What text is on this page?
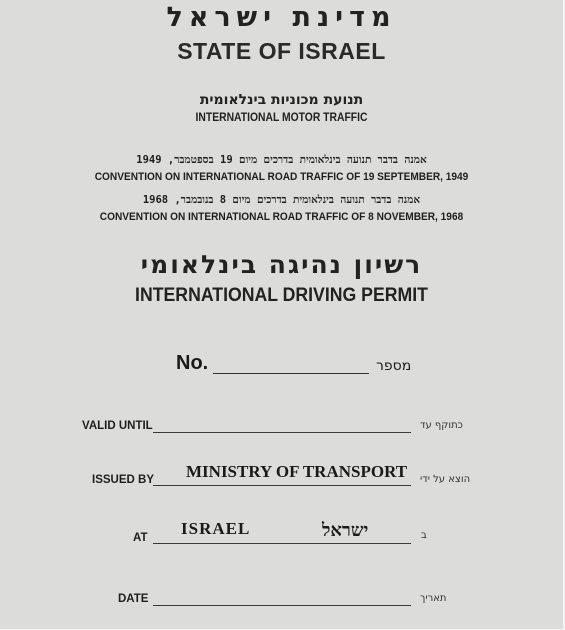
מדינת ישראל
STATE OF ISRAEL
תנועת מכוניות בינלאומית
INTERNATIONAL MOTOR TRAFFIC
אמנה בדבר תנועה בינלאומית בדרכים מיום 19 בספטמבר, 1949
CONVENTION ON INTERNATIONAL ROAD TRAFFIC OF 19 SEPTEMBER, 1949
אמנה בדבר תנועה בינלאומית בדרכים מיום 8 בנובמבר, 1968
CONVENTION ON INTERNATIONAL ROAD TRAFFIC OF 8 NOVEMBER, 1968
רשיון נהיגה בינלאומי
INTERNATIONAL DRIVING PERMIT
No.	מספר
VALID UNTIL	כתוקף עד
ISSUED BY MINISTRY OF TRANSPORT הוצא על ידי
AT ISRAEL	ישראל	ב
DATE	תאריך
